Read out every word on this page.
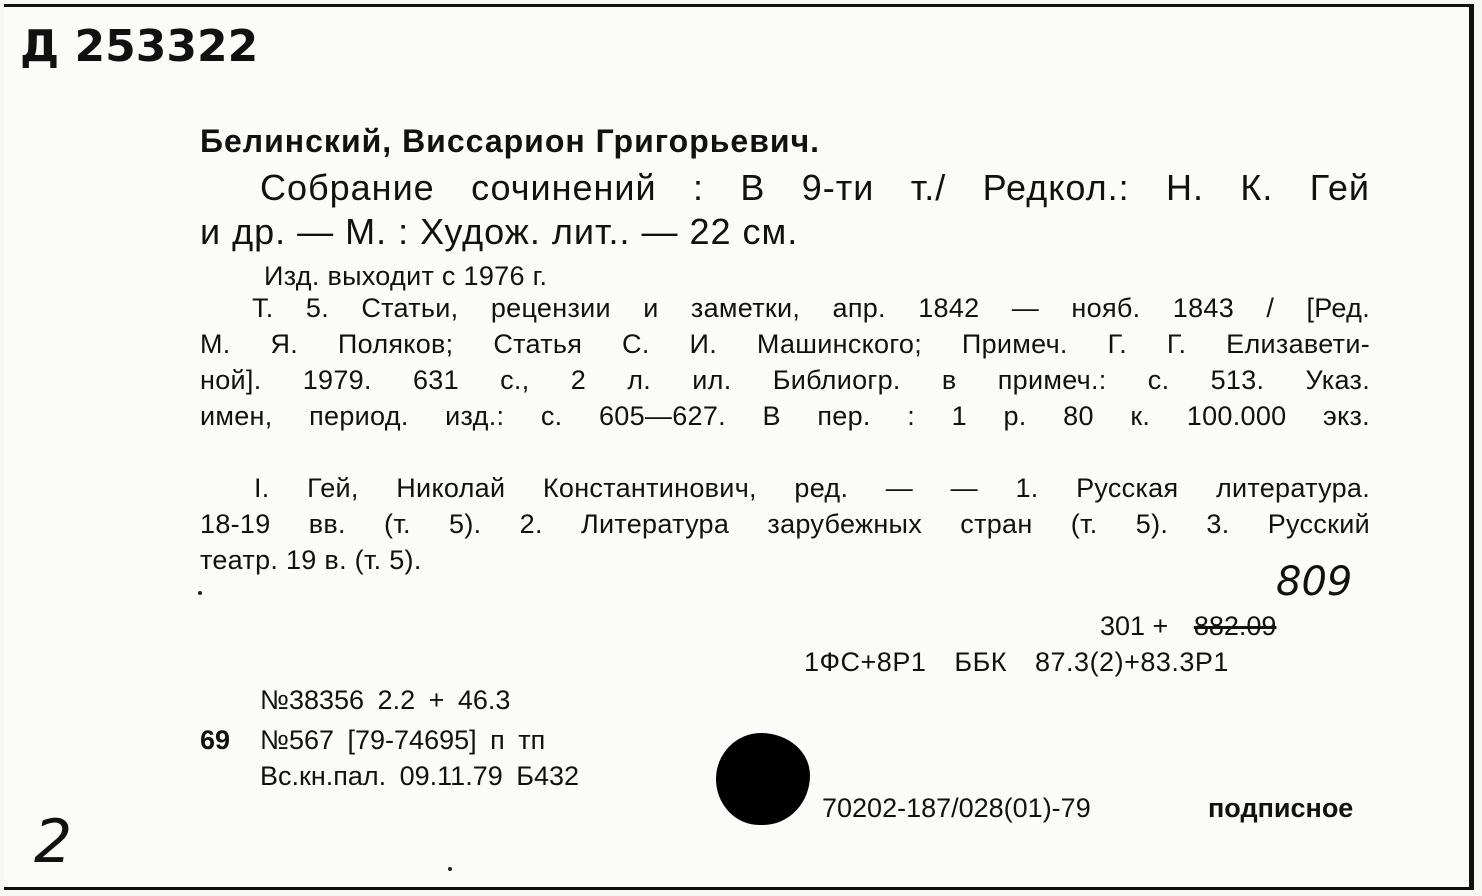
Д 253322
Белинский, Виссарион Григорьевич.
Собрание сочинений : В 9-ти т./ Редкол.: Н. К. Гей
и др. — М. : Худож. лит.. — 22 см.
Изд. выходит с 1976 г.
Т. 5. Статьи, рецензии и заметки, апр. 1842 — нояб. 1843 / [Ред.
М. Я. Поляков; Статья С. И. Машинского; Примеч. Г. Г. Елизавети-
ной]. 1979. 631 с., 2 л. ил. Библиогр. в примеч.: с. 513. Указ.
имен, период. изд.: с. 605—627. В пер. : 1 р. 80 к. 100.000 экз.
I. Гей, Николай Константинович, ред. — — 1. Русская литература.
18-19 вв. (т. 5). 2. Литература зарубежных стран (т. 5). 3. Русский
театр. 19 в. (т. 5).	809
301 + 882.09
1ФС+8Р1 ББК 87.3(2)+83.3Р1
№38356 2.2 + 46.3
69 №567 [79-74695] п тп
Вс.кн.пал. 09.11.79 Б432
70202-187/028(01)-79	подписное
2
